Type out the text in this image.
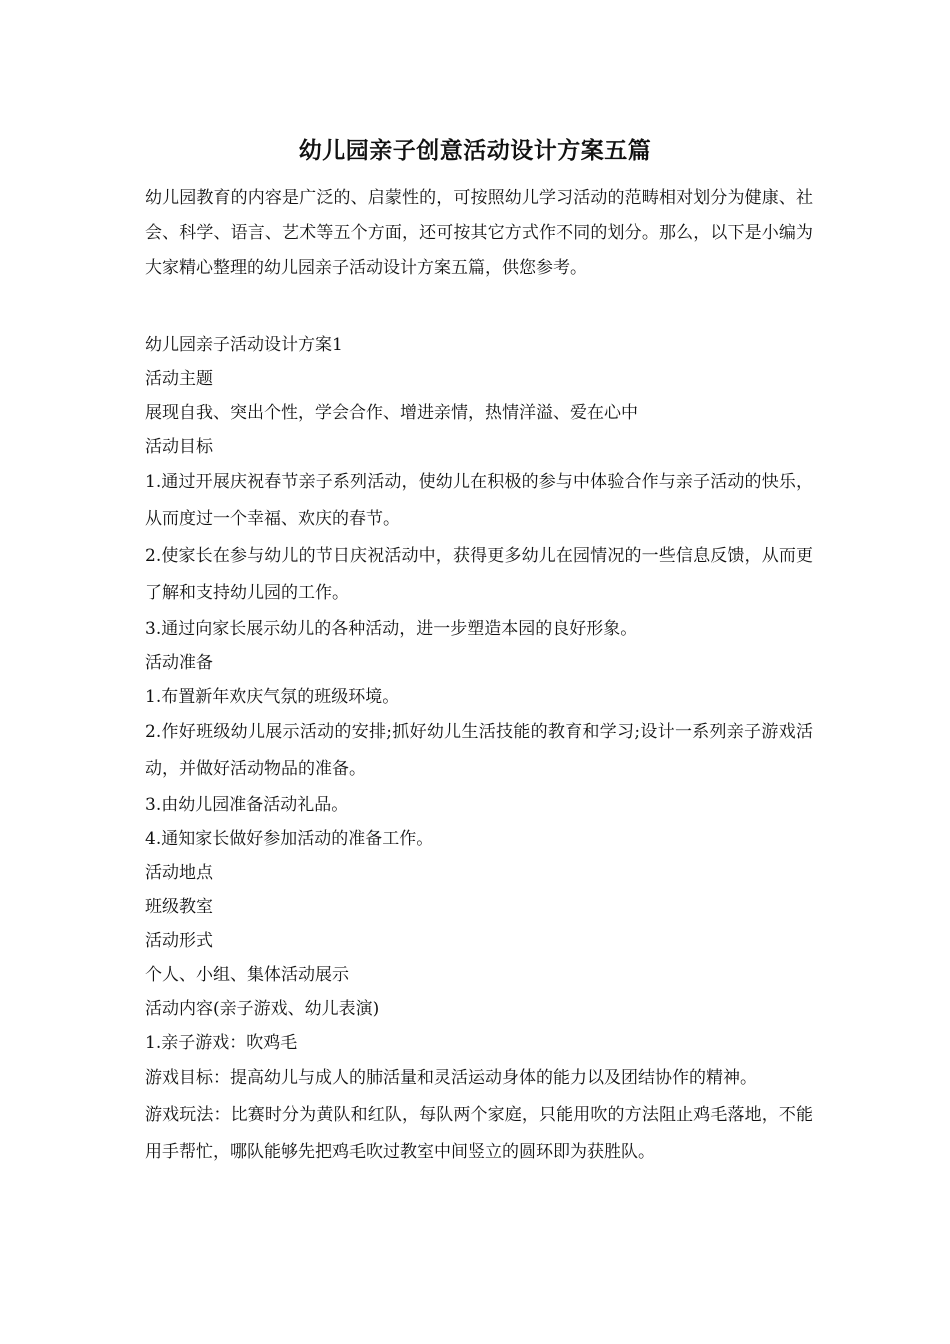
幼儿园亲子创意活动设计方案五篇

幼儿园教育的内容是广泛的、启蒙性的，可按照幼儿学习活动的范畴相对划分为健康、社会、科学、语言、艺术等五个方面，还可按其它方式作不同的划分。那么，以下是小编为大家精心整理的幼儿园亲子活动设计方案五篇，供您参考。

幼儿园亲子活动设计方案1

活动主题

展现自我、突出个性，学会合作、增进亲情，热情洋溢、爱在心中

活动目标

1.通过开展庆祝春节亲子系列活动，使幼儿在积极的参与中体验合作与亲子活动的快乐，从而度过一个幸福、欢庆的春节。

2.使家长在参与幼儿的节日庆祝活动中，获得更多幼儿在园情况的一些信息反馈，从而更了解和支持幼儿园的工作。

3.通过向家长展示幼儿的各种活动，进一步塑造本园的良好形象。

活动准备

1.布置新年欢庆气氛的班级环境。

2.作好班级幼儿展示活动的安排;抓好幼儿生活技能的教育和学习;设计一系列亲子游戏活动，并做好活动物品的准备。

3.由幼儿园准备活动礼品。

4.通知家长做好参加活动的准备工作。

活动地点

班级教室

活动形式

个人、小组、集体活动展示

活动内容(亲子游戏、幼儿表演)

1.亲子游戏：吹鸡毛

游戏目标：提高幼儿与成人的肺活量和灵活运动身体的能力以及团结协作的精神。

游戏玩法：比赛时分为黄队和红队，每队两个家庭，只能用吹的方法阻止鸡毛落地，不能用手帮忙，哪队能够先把鸡毛吹过教室中间竖立的圆环即为获胜队。
